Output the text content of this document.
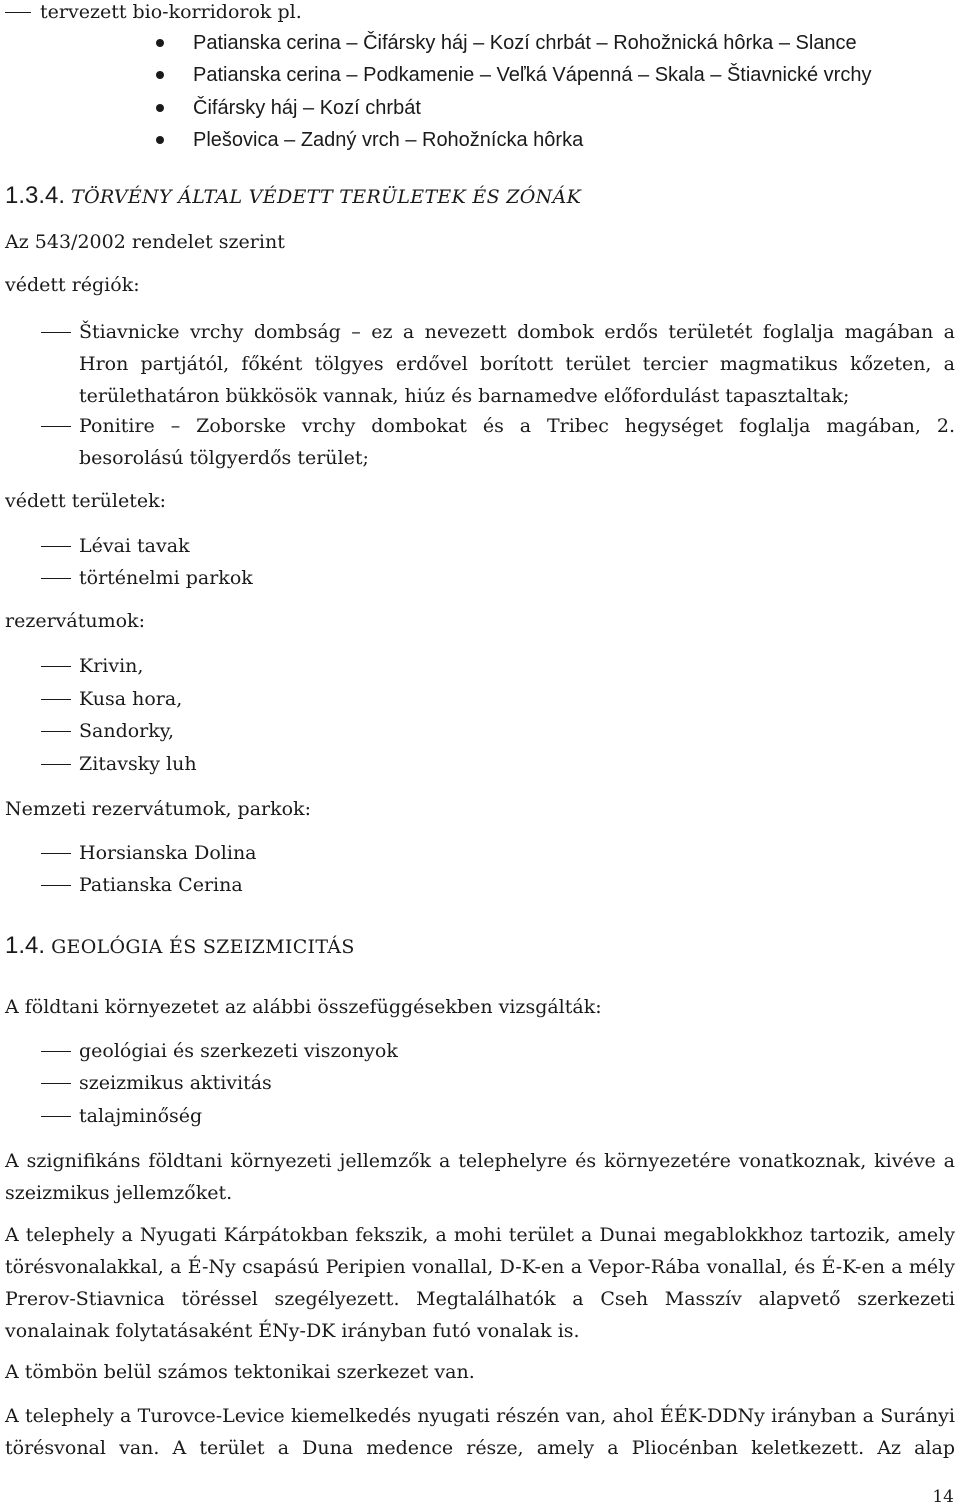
tervezett bio-korridorok pl.
Patianska cerina – Čifársky háj – Kozí chrbát – Rohožnická hôrka – Slance
Patianska cerina – Podkamenie – Veľká Vápenná – Skala – Štiavnické vrchy
Čifársky háj – Kozí chrbát
Plešovica – Zadný vrch – Rohožnícka hôrka
1.3.4. TÖRVÉNY ÁLTAL VÉDETT TERÜLETEK ÉS ZÓNÁK
Az 543/2002 rendelet szerint
védett régiók:
Štiavnicke vrchy dombság – ez a nevezett dombok erdős területét foglalja magában a Hron partjától, főként tölgyes erdővel borított terület tercier magmatikus kőzeten, a területhatáron bükkösök vannak, hiúz és barnamedve előfordulást tapasztaltak;
Ponitire – Zoborske vrchy dombokat és a Tribec hegységet foglalja magában, 2. besorolású tölgyerdős terület;
védett területek:
Lévai tavak
történelmi parkok
rezervátumok:
Krivin,
Kusa hora,
Sandorky,
Zitavsky luh
Nemzeti rezervátumok, parkok:
Horsianska Dolina
Patianska Cerina
1.4. GEOLÓGIA ÉS SZEIZMICITÁS
A földtani környezetet az alábbi összefüggésekben vizsgálták:
geológiai és szerkezeti viszonyok
szeizmikus aktivitás
talajminőség
A szignifikáns földtani környezeti jellemzők a telephelyre és környezetére vonatkoznak, kivéve a szeizmikus jellemzőket.
A telephely a Nyugati Kárpátokban fekszik, a mohi terület a Dunai megablokkhoz tartozik, amely törésvonalakkal, a É-Ny csapású Peripien vonallal, D-K-en a Vepor-Rába vonallal, és É-K-en a mély Prerov-Stiavnica töréssel szegélyezett. Megtalálhatók a Cseh Masszív alapvető szerkezeti vonalainak folytatásaként ÉNy-DK irányban futó vonalak is.
A tömbön belül számos tektonikai szerkezet van.
A telephely a Turovce-Levice kiemelkedés nyugati részén van, ahol ÉÉK-DDNy irányban a Surányi törésvonal van. A terület a Duna medence része, amely a Pliocénban keletkezett. Az alap
14
